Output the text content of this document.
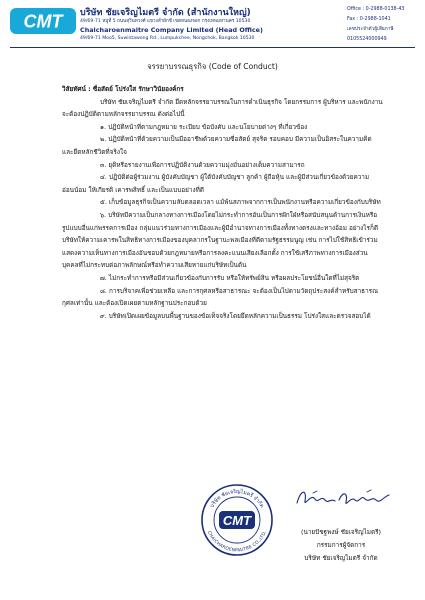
CMT บริษัท ชัยเจริญไมตรี จำกัด (สำนักงานใหญ่)
49/69-71 หมู่ที่ 5 ถนนสุวินทวงศ์ แขวงลำผักชี เขตหนองจอก กรุงเทพมหานคร 10530
Chaicharoenmaitre Company Limited (Head Office)
49/69-71 Moo5, Suwintawong Rd., Lumpukchee, Nongchok, Bangkok 10530
Office : 0-2988-0138-43
Fax : 0-2988-1041
เลขประจำตัวผู้เสียภาษี
0105524000949
จรรยาบรรณธุรกิจ (Code of Conduct)

วิสัยทัศน์ : ซื่อสัตย์ โปร่งใส รักษาวินัยองค์กร

บริษัท ชัยเจริญไมตรี จำกัด ยึดหลักจรรยาบรรณในการดำเนินธุรกิจ โดยกรรมการ ผู้บริหาร และพนักงานจะต้องปฏิบัติตามหลักจรรยาบรรณ ดังต่อไปนี้

๑. ปฏิบัติหน้าที่ตามกฎหมาย ระเบียบ ข้อบังคับ และนโยบายต่างๆ ที่เกี่ยวข้อง

๒. ปฏิบัติหน้าที่ด้วยความเป็นมืออาชีพด้วยความซื่อสัตย์ สุจริต รอบคอบ มีความเป็นอิสระในความคิด และยึดหลักชีวิตที่จริงใจ

๓. ยุติหรือรายงานเพื่อการปฏิบัติงานด้วยความมุ่งมั่นอย่างเต็มความสามารถ

๔. ปฏิบัติต่อผู้ร่วมงาน ผู้บังคับบัญชา ผู้ใต้บังคับบัญชา ลูกค้า ผู้ถือหุ้น และผู้มีส่วนเกี่ยวข้องด้วยความอ่อนน้อม ให้เกียรติ เคารพสิทธิ์ และเป็นแบบอย่างที่ดี

๕. เก็บข้อมูลธุรกิจเป็นความลับตลอดเวลา แม้พ้นสภาพจากการเป็นพนักงานหรือความเกี่ยวข้องกับบริษัท

๖. บริษัทมีความเป็นกลางทางการเมืองโดยไม่กระทำการอันเป็นการฝักใฝ่หรือสนับสนุนด้านการเงินหรือรูปแบบอื่นแก่พรรคการเมือง กลุ่มแนวร่วมทางการเมืองและผู้มีอำนาจทางการเมืองทั้งทางตรงและทางอ้อม อย่างไรก็ดี บริษัทให้ความเคารพในสิทธิทางการเมืองของบุคลากรในฐานะพลเมืองที่ดีตามรัฐธรรมนูญ เช่น การไปใช้สิทธิเข้าร่วมแสดงความเห็นทางการเมืองอันชอบด้วยกฎหมายหรือการลงคะแนนเสียงเลือกตั้ง การใช้เสรีภาพทางการเมืองส่วนบุคคลที่ไม่กระทบต่อภาพลักษณ์หรือทำความเสียหายแก่บริษัทเป็นต้น

๗. ไม่กระทำการหรือมีส่วนเกี่ยวข้องกับการรับ หรือให้ทรัพย์สิน หรือผลประโยชน์อื่นใดที่ไม่สุจริต

๘. การบริจาคเพื่อช่วยเหลือ และการกุศลหรือสาธารณะ จะต้องเป็นไปตามวัตถุประสงค์สำหรับสาธารณกุศลเท่านั้น และต้องเปิดเผยตามหลักฐานประกอบด้วย

๙. บริษัทเปิดเผยข้อมูลบนพื้นฐานของข้อเท็จจริงโดยยึดหลักความเป็นธรรม โปร่งใสและตรวจสอบได้

บริษัท ชัยเจริญไมตรี จำกัด
CHAICHAROENMAITRE CO.,LTD.
CMT
(นายปัชฐพงษ์ ชัยเจริญไมตรี)
กรรมการผู้จัดการ
บริษัท ชัยเจริญไมตรี จำกัด
